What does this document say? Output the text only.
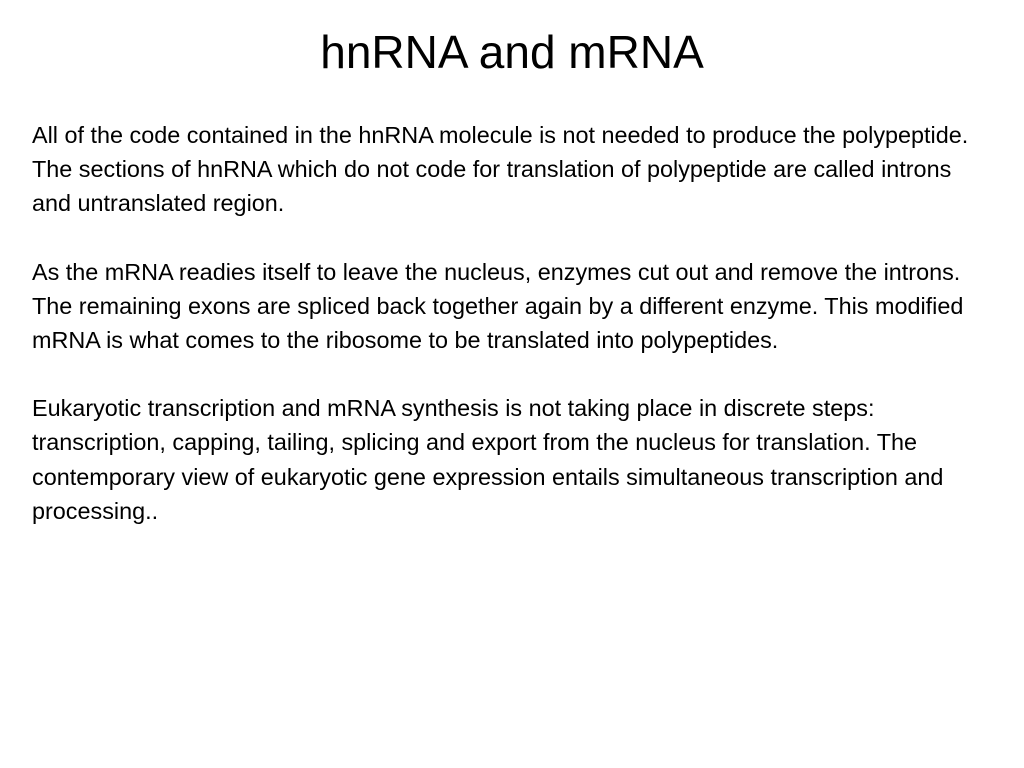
hnRNA and mRNA

All of the code contained in the hnRNA molecule is not needed to produce the polypeptide. The sections of hnRNA which do not code for translation of polypeptide are called introns and untranslated region.

As the mRNA readies itself to leave the nucleus, enzymes cut out and remove the introns. The remaining exons are spliced back together again by a different enzyme. This modified mRNA is what comes to the ribosome to be translated into polypeptides.

Eukaryotic transcription and mRNA synthesis is not taking place in discrete steps: transcription, capping, tailing, splicing and export from the nucleus for translation. The contemporary view of eukaryotic gene expression entails simultaneous transcription and processing..
